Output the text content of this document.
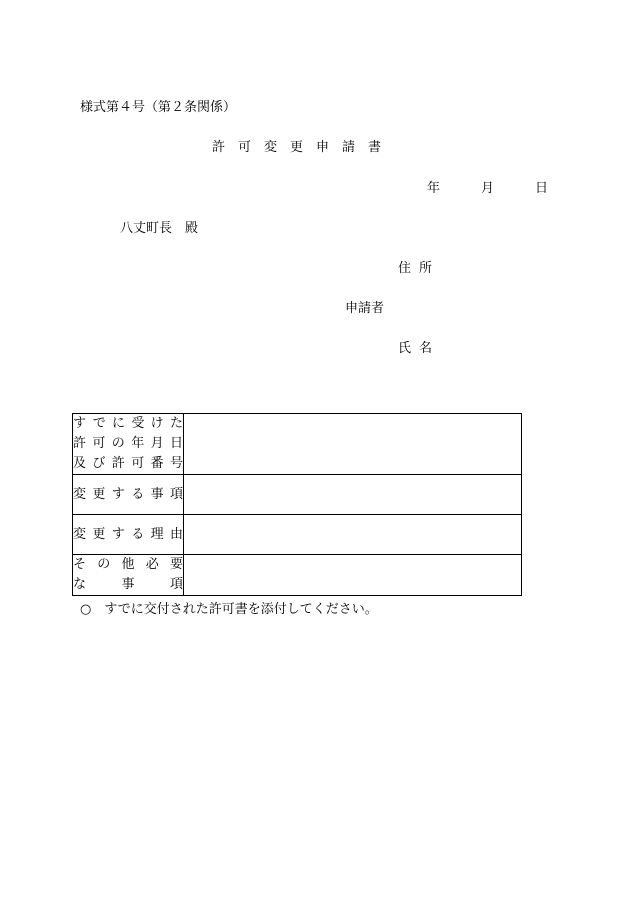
様式第４号（第２条関係）
許可変更申請書
年	月	日
八丈町長　殿
住所
申請者
氏名
すでに受けた
許可の年月日
及び許可番号	

変更する事項	

変更する理由	

その他必要
な事項	

○　すでに交付された許可書を添付してください。
